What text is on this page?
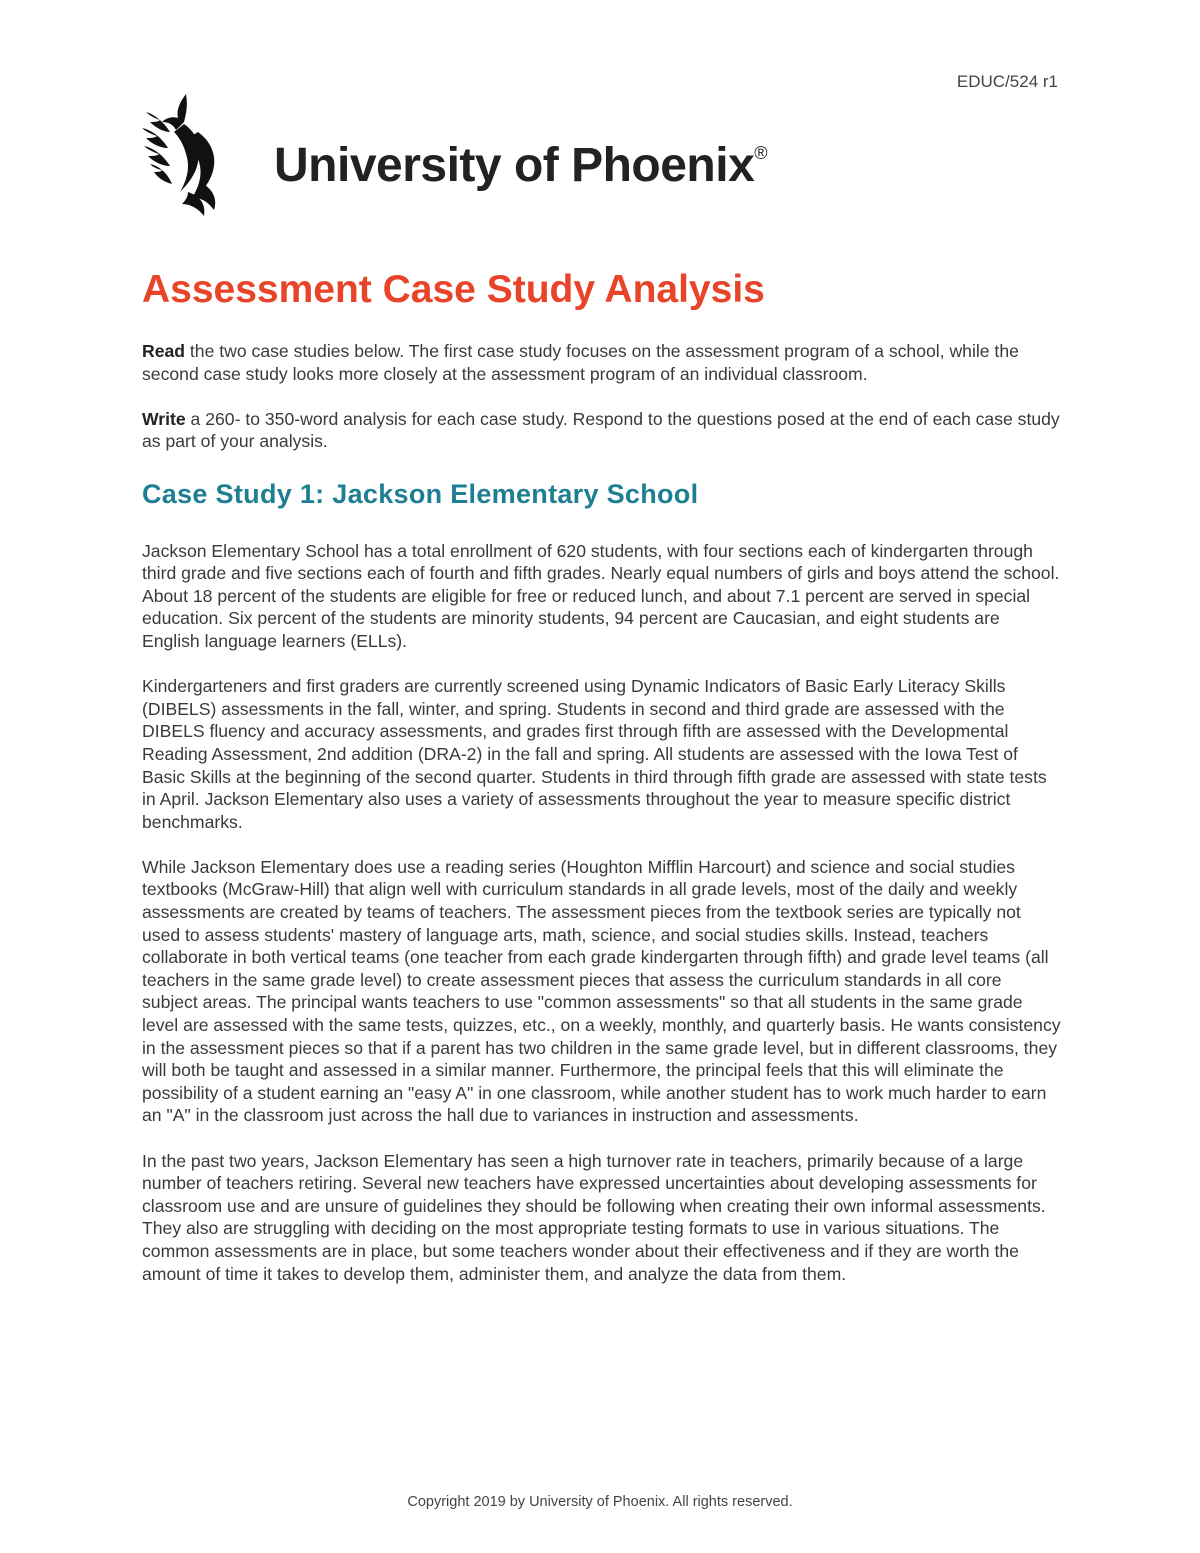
EDUC/524 r1
University of Phoenix®
Assessment Case Study Analysis

Read the two case studies below. The first case study focuses on the assessment program of a school, while the second case study looks more closely at the assessment program of an individual classroom.

Write a 260- to 350-word analysis for each case study. Respond to the questions posed at the end of each case study as part of your analysis.

Case Study 1: Jackson Elementary School

Jackson Elementary School has a total enrollment of 620 students, with four sections each of kindergarten through third grade and five sections each of fourth and fifth grades. Nearly equal numbers of girls and boys attend the school. About 18 percent of the students are eligible for free or reduced lunch, and about 7.1 percent are served in special education. Six percent of the students are minority students, 94 percent are Caucasian, and eight students are English language learners (ELLs).

Kindergarteners and first graders are currently screened using Dynamic Indicators of Basic Early Literacy Skills (DIBELS) assessments in the fall, winter, and spring. Students in second and third grade are assessed with the DIBELS fluency and accuracy assessments, and grades first through fifth are assessed with the Developmental Reading Assessment, 2nd addition (DRA-2) in the fall and spring. All students are assessed with the Iowa Test of Basic Skills at the beginning of the second quarter. Students in third through fifth grade are assessed with state tests in April. Jackson Elementary also uses a variety of assessments throughout the year to measure specific district benchmarks.

While Jackson Elementary does use a reading series (Houghton Mifflin Harcourt) and science and social studies textbooks (McGraw-Hill) that align well with curriculum standards in all grade levels, most of the daily and weekly assessments are created by teams of teachers. The assessment pieces from the textbook series are typically not used to assess students' mastery of language arts, math, science, and social studies skills. Instead, teachers collaborate in both vertical teams (one teacher from each grade kindergarten through fifth) and grade level teams (all teachers in the same grade level) to create assessment pieces that assess the curriculum standards in all core subject areas. The principal wants teachers to use "common assessments" so that all students in the same grade level are assessed with the same tests, quizzes, etc., on a weekly, monthly, and quarterly basis. He wants consistency in the assessment pieces so that if a parent has two children in the same grade level, but in different classrooms, they will both be taught and assessed in a similar manner. Furthermore, the principal feels that this will eliminate the possibility of a student earning an "easy A" in one classroom, while another student has to work much harder to earn an "A" in the classroom just across the hall due to variances in instruction and assessments.

In the past two years, Jackson Elementary has seen a high turnover rate in teachers, primarily because of a large number of teachers retiring. Several new teachers have expressed uncertainties about developing assessments for classroom use and are unsure of guidelines they should be following when creating their own informal assessments. They also are struggling with deciding on the most appropriate testing formats to use in various situations. The common assessments are in place, but some teachers wonder about their effectiveness and if they are worth the amount of time it takes to develop them, administer them, and analyze the data from them.

Copyright 2019 by University of Phoenix. All rights reserved.
